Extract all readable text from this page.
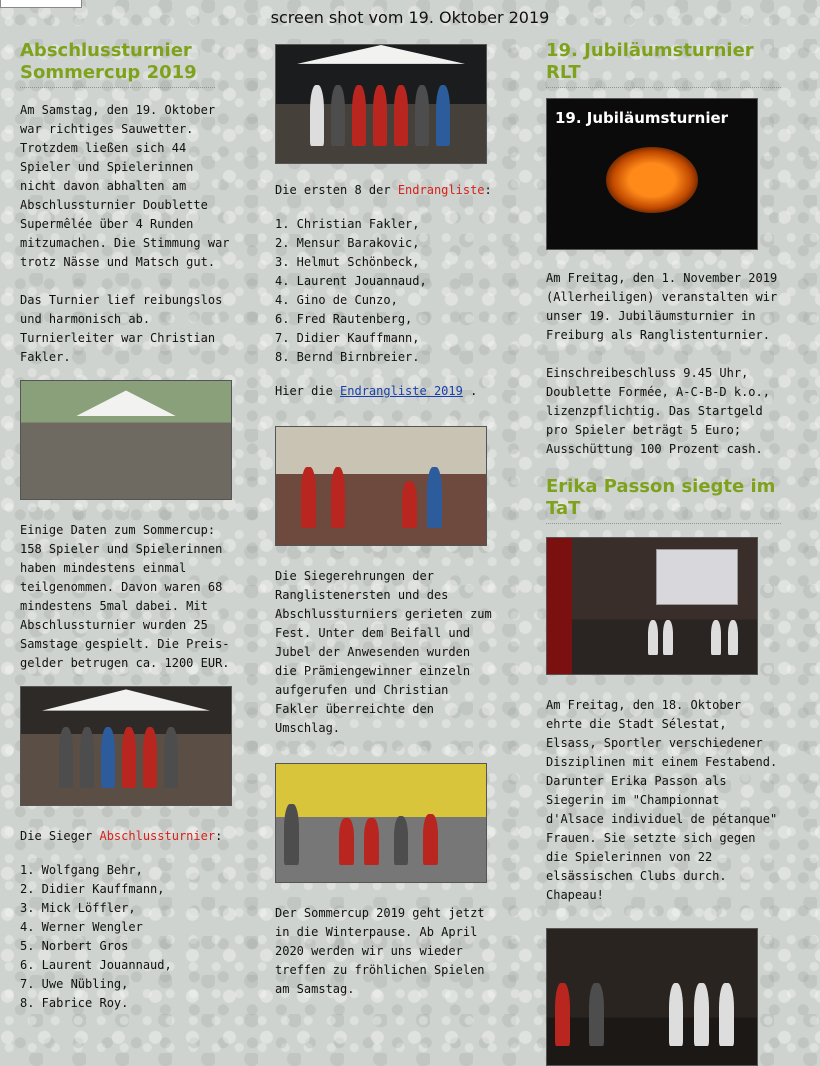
screen shot vom 19. Oktober 2019
Abschlussturnier Sommercup 2019

Am Samstag, den 19. Oktober war richtiges Sauwetter. Trotzdem ließen sich 44 Spieler und Spielerinnen nicht davon abhalten am Abschlussturnier Doublette Supermêlée über 4 Runden mitzumachen. Die Stimmung war trotz Nässe und Matsch gut.

Das Turnier lief reibungslos und harmonisch ab. Turnierleiter war Christian Fakler.

Einige Daten zum Sommercup: 158 Spieler und Spielerinnen haben mindestens einmal teilgenommen. Davon waren 68 mindestens 5mal dabei. Mit Abschlussturnier wurden 25 Samstage gespielt. Die Preis-gelder betrugen ca. 1200 EUR.

Die Sieger Abschlussturnier:

1. Wolfgang Behr,
2. Didier Kauffmann,
3. Mick Löffler,
4. Werner Wengler
5. Norbert Gros
6. Laurent Jouannaud,
7. Uwe Nübling,
8. Fabrice Roy.

Die ersten 8 der Endrangliste:

1. Christian Fakler,
2. Mensur Barakovic,
3. Helmut Schönbeck,
4. Laurent Jouannaud,
4. Gino de Cunzo,
6. Fred Rautenberg,
7. Didier Kauffmann,
8. Bernd Birnbreier.

Hier die Endrangliste 2019 .

Die Siegerehrungen der Ranglistenersten und des Abschlussturniers gerieten zum Fest. Unter dem Beifall und Jubel der Anwesenden wurden die Prämiengewinner einzeln aufgerufen und Christian Fakler überreichte den Umschlag.

Der Sommercup 2019 geht jetzt in die Winterpause. Ab April 2020 werden wir uns wieder treffen zu fröhlichen Spielen am Samstag.

19. Jubiläumsturnier RLT
19. Jubiläumsturnier

Am Freitag, den 1. November 2019 (Allerheiligen) veranstalten wir unser 19. Jubiläumsturnier in Freiburg als Ranglistenturnier.

Einschreibeschluss 9.45 Uhr, Doublette Formée, A-C-B-D k.o., lizenzpflichtig. Das Startgeld pro Spieler beträgt 5 Euro; Ausschüttung 100 Prozent cash.

Erika Passon siegte im TaT

Am Freitag, den 18. Oktober ehrte die Stadt Sélestat, Elsass, Sportler verschiedener Disziplinen mit einem Festabend. Darunter Erika Passon als Siegerin im "Championnat d'Alsace individuel de pétanque" Frauen. Sie setzte sich gegen die Spielerinnen von 22 elsässischen Clubs durch. Chapeau!
